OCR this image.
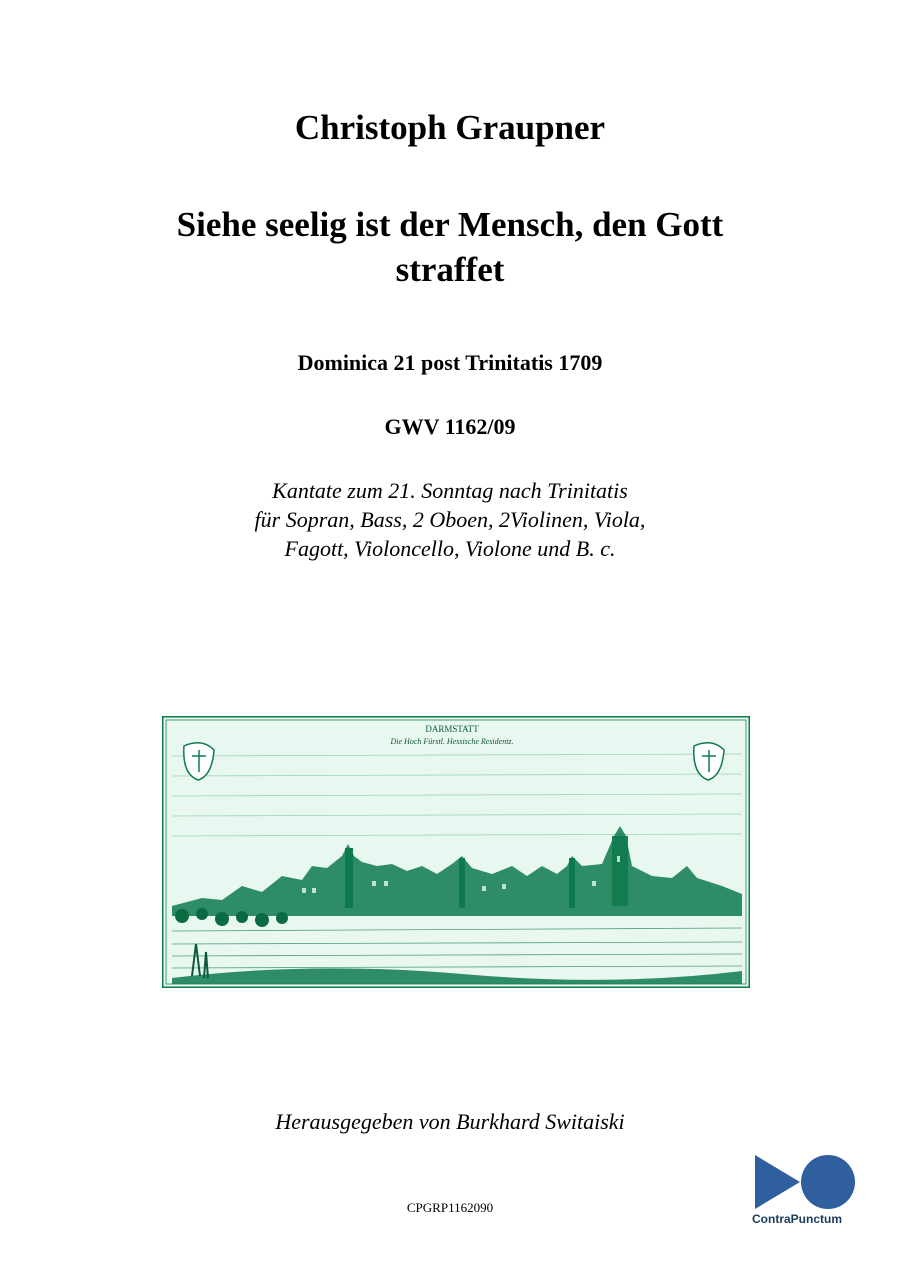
Christoph Graupner
Siehe seelig ist der Mensch, den Gott
straffet
Dominica 21 post Trinitatis 1709
GWV 1162/09
Kantate zum 21. Sonntag nach Trinitatis
für Sopran, Bass, 2 Oboen, 2Violinen, Viola,
Fagott, Violoncello, Violone und B. c.
DARMSTATT
Die Hoch Fürstl. Hessische Residentz.
Herausgegeben von Burkhard Switaiski
CPGRP1162090
ContraPunctum
